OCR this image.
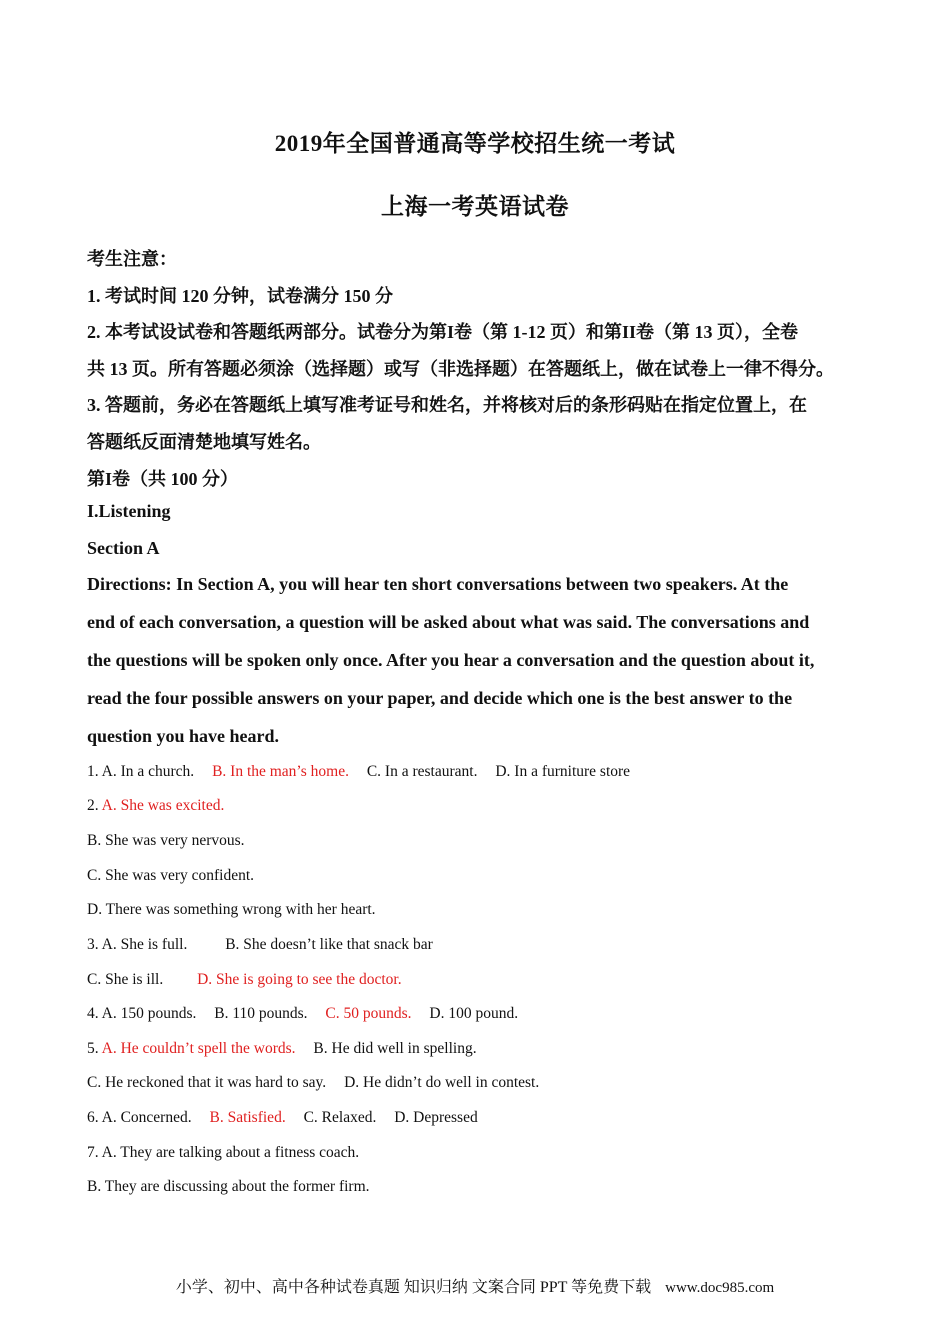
2019年全国普通高等学校招生统一考试
上海一考英语试卷
考生注意：
1. 考试时间 120 分钟，试卷满分 150 分
2. 本考试设试卷和答题纸两部分。试卷分为第I卷（第 1-12 页）和第II卷（第 13 页），全卷
共 13 页。所有答题必须涂（选择题）或写（非选择题）在答题纸上，做在试卷上一律不得分。
3. 答题前，务必在答题纸上填写准考证号和姓名，并将核对后的条形码贴在指定位置上，在
答题纸反面清楚地填写姓名。
第I卷（共 100 分）
I.Listening
Section A
Directions: In Section A, you will hear ten short conversations between two speakers. At the
end of each conversation, a question will be asked about what was said. The conversations and
the questions will be spoken only once. After you hear a conversation and the question about it,
read the four possible answers on your paper, and decide which one is the best answer to the
question you have heard.
1. A. In a church. B. In the man’s home. C. In a restaurant. D. In a furniture store
2. A. She was excited.
B. She was very nervous.
C. She was very confident.
D. There was something wrong with her heart.
3. A. She is full. B. She doesn’t like that snack bar
C. She is ill. D. She is going to see the doctor.
4. A. 150 pounds. B. 110 pounds. C. 50 pounds. D. 100 pound.
5. A. He couldn’t spell the words. B. He did well in spelling.
C. He reckoned that it was hard to say. D. He didn’t do well in contest.
6. A. Concerned. B. Satisfied. C. Relaxed. D. Depressed
7. A. They are talking about a fitness coach.
B. They are discussing about the former firm.
小学、初中、高中各种试卷真题 知识归纳 文案合同 PPT 等免费下载 www.doc985.com
